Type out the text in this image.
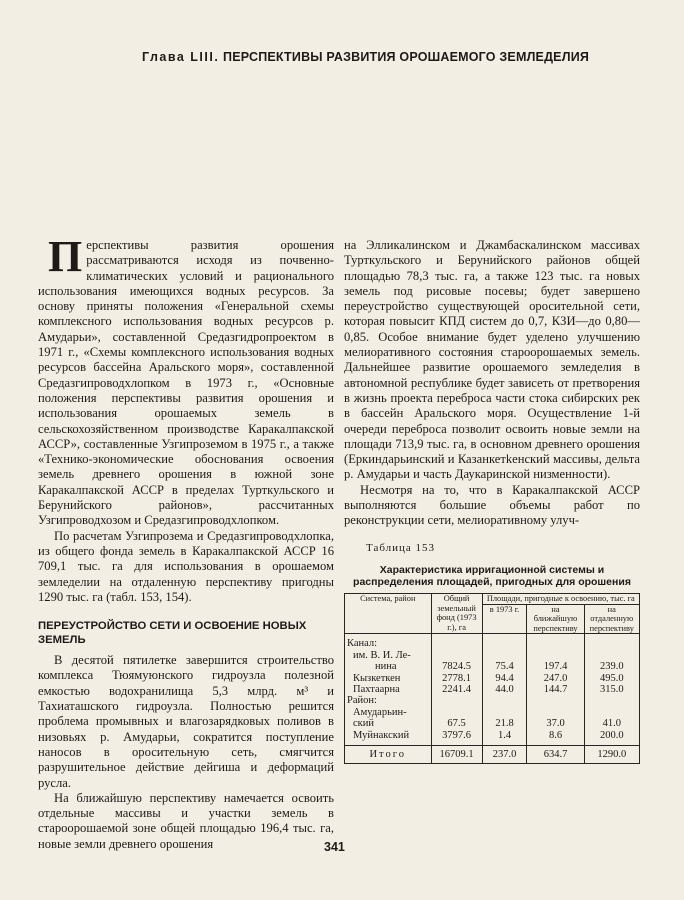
Глава LIII. ПЕРСПЕКТИВЫ РАЗВИТИЯ ОРОШАЕМОГО ЗЕМЛЕДЕЛИЯ

Перспективы развития орошения рассматриваются исходя из почвенно-климатических условий и рационального использования имеющихся водных ресурсов. За основу приняты положения «Генеральной схемы комплексного использования водных ресурсов р. Амударьи», составленной Средазгидропроектом в 1971 г., «Схемы комплексного использования водных ресурсов бассейна Аральского моря», составленной Средазгипроводхлопком в 1973 г., «Основные положения перспективы развития орошения и использования орошаемых земель в сельскохозяйственном производстве Каракалпакской АССР», составленные Узгипроземом в 1975 г., а также «Технико-экономические обоснования освоения земель древнего орошения в южной зоне Каракалпакской АССР в пределах Турткульского и Берунийского районов», рассчитанных Узгипроводхозом и Средазгипроводхлопком.

По расчетам Узгипрозема и Средазгипроводхлопка, из общего фонда земель в Каракалпакской АССР 16 709,1 тыс. га для использования в орошаемом земледелии на отдаленную перспективу пригодны 1290 тыс. га (табл. 153, 154).

ПЕРЕУСТРОЙСТВО СЕТИ И ОСВОЕНИЕ НОВЫХ ЗЕМЕЛЬ

В десятой пятилетке завершится строительство комплекса Тюямуюнского гидроузла полезной емкостью водохранилища 5,3 млрд. м³ и Тахиаташского гидроузла. Полностью решится проблема промывных и влагозарядковых поливов в низовьях р. Амударьи, сократится поступление наносов в оросительную сеть, смягчится разрушительное действие дейгиша и деформаций русла.

На ближайшую перспективу намечается освоить отдельные массивы и участки земель в староорошаемой зоне общей площадью 196,4 тыс. га, новые земли древнего орошения

на Элликалинском и Джамбаскалинском массивах Турткульского и Берунийского районов общей площадью 78,3 тыс. га, а также 123 тыс. га новых земель под рисовые посевы; будет завершено переустройство существующей оросительной сети, которая повысит КПД систем до 0,7, КЗИ—до 0,80—0,85. Особое внимание будет уделено улучшению мелиоративного состояния староорошаемых земель. Дальнейшее развитие орошаемого земледелия в автономной республике будет зависеть от претворения в жизнь проекта переброса части стока сибирских рек в бассейн Аральского моря. Осуществление 1-й очереди переброса позволит освоить новые земли на площади 713,9 тыс. га, в основном древнего орошения (Еркиндарьинский и Казанкетkенский массивы, дельта р. Амударьи и часть Даукаринской низменности).

Несмотря на то, что в Каракалпакской АССР выполняются большие объемы работ по реконструкции сети, мелиоративному улуч-

Таблица 153
Характеристика ирригационной системы и распределения площадей, пригодных для орошения
Система, район	Общий земельный фонд (1973 г.), га	Площади, пригодные к освоению, тыс. га		
		в 1973 г.	на ближайшую перспективу	на отдаленную перспективу
Канал:				
им. В. И. Ле-				
нина	7824.5	75.4	197.4	239.0
Кызкеткен	2778.1	94.4	247.0	495.0
Пахтаарна	2241.4	44.0	144.7	315.0
Район:				
Амударьин-				
ский	67.5	21.8	37.0	41.0
Муйнакский	3797.6	1.4	8.6	200.0
Итого	16709.1	237.0	634.7	1290.0
341
